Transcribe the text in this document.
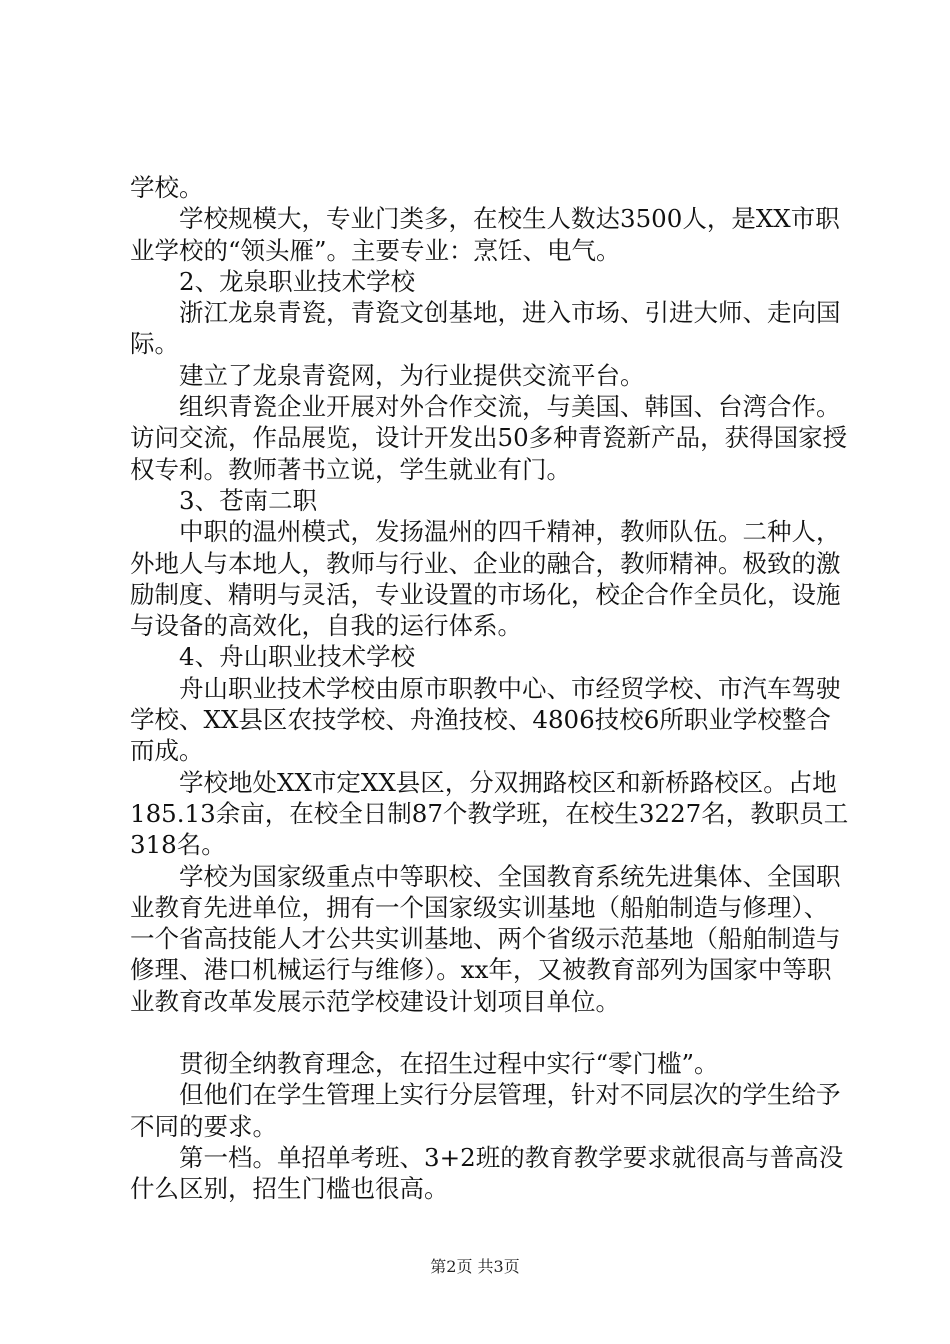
学校。

学校规模大，专业门类多，在校生人数达3500人，是XX市职业学校的“领头雁”。主要专业：烹饪、电气。

2、龙泉职业技术学校

浙江龙泉青瓷，青瓷文创基地，进入市场、引进大师、走向国际。

建立了龙泉青瓷网，为行业提供交流平台。

组织青瓷企业开展对外合作交流，与美国、韩国、台湾合作。访问交流，作品展览，设计开发出50多种青瓷新产品，获得国家授权专利。教师著书立说，学生就业有门。

3、苍南二职

中职的温州模式，发扬温州的四千精神，教师队伍。二种人，外地人与本地人，教师与行业、企业的融合，教师精神。极致的激励制度、精明与灵活，专业设置的市场化，校企合作全员化，设施与设备的高效化，自我的运行体系。

4、舟山职业技术学校

舟山职业技术学校由原市职教中心、市经贸学校、市汽车驾驶学校、XX县区农技学校、舟渔技校、4806技校6所职业学校整合而成。

学校地处XX市定XX县区，分双拥路校区和新桥路校区。占地185.13余亩，在校全日制87个教学班，在校生3227名，教职员工318名。

学校为国家级重点中等职校、全国教育系统先进集体、全国职业教育先进单位，拥有一个国家级实训基地（船舶制造与修理）、一个省高技能人才公共实训基地、两个省级示范基地（船舶制造与修理、港口机械运行与维修）。xx年，又被教育部列为国家中等职业教育改革发展示范学校建设计划项目单位。

贯彻全纳教育理念，在招生过程中实行“零门槛”。

但他们在学生管理上实行分层管理，针对不同层次的学生给予不同的要求。

第一档。单招单考班、3+2班的教育教学要求就很高与普高没什么区别，招生门槛也很高。

第2页 共3页
